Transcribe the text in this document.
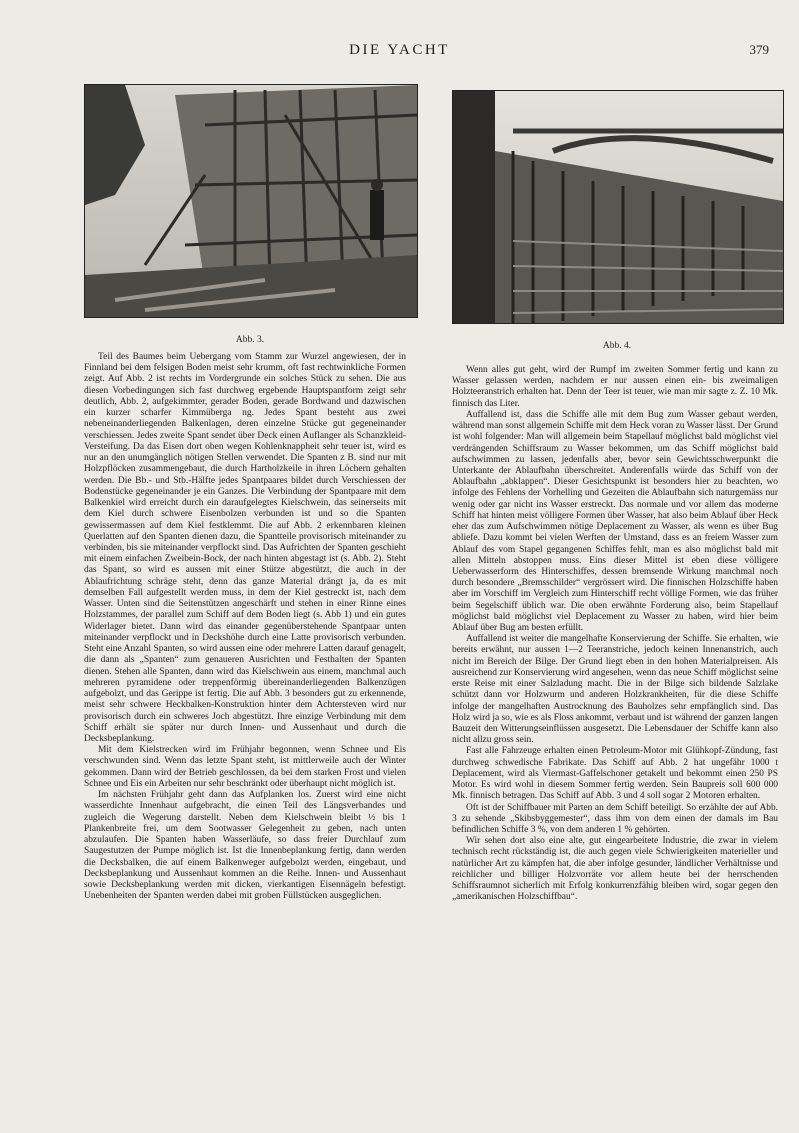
DIE YACHT	379
Abb. 3.
Abb. 4.

Teil des Baumes beim Uebergang vom Stamm zur Wurzel angewiesen, der in Finnland bei dem felsigen Boden meist sehr krumm, oft fast rechtwinkliche Formen zeigt. Auf Abb. 2 ist rechts im Vordergrunde ein solches Stück zu sehen. Die aus diesen Vorbedingungen sich fast durchweg ergebende Hauptspantform zeigt sehr deutlich, Abb. 2, aufgekimmter, gerader Boden, gerade Bordwand und dazwischen ein kurzer scharfer Kimmüberga ng. Jedes Spant besteht aus zwei nebeneinanderliegenden Balkenlagen, deren einzelne Stücke gut gegeneinander verschiessen. Jedes zweite Spant sendet über Deck einen Auflanger als Schanzkleid-Versteifung. Da das Eisen dort oben wegen Kohlenknappheit sehr teuer ist, wird es nur an den unumgänglich nötigen Stellen verwendet. Die Spanten z B. sind nur mit Holzpflöcken zusammengebaut, die durch Hartholzkeile in ihren Löchern gehalten werden. Die Bb.- und Stb.-Hälfte jedes Spantpaares bildet durch Verschiessen der Bodenstücke gegeneinander je ein Ganzes. Die Verbindung der Spantpaare mit dem Balkenkiel wird erreicht durch ein daraufgelegtes Kielschwein, das seinerseits mit dem Kiel durch schwere Eisenbolzen verbunden ist und so die Spanten gewissermassen auf dem Kiel festklemmt. Die auf Abb. 2 erkennbaren kleinen Querlatten auf den Spanten dienen dazu, die Spantteile provisorisch miteinander zu verbinden, bis sie miteinander verpflockt sind. Das Aufrichten der Spanten geschieht mit einem einfachen Zweibein-Bock, der nach hinten abgestagt ist (s. Abb. 2). Steht das Spant, so wird es aussen mit einer Stütze abgestützt, die auch in der Ablaufrichtung schräge steht, denn das ganze Material drängt ja, da es mit demselben Fall aufgestellt werden muss, in dem der Kiel gestreckt ist, nach dem Wasser. Unten sind die Seitenstützen angeschärft und stehen in einer Rinne eines Holzstammes, der parallel zum Schiff auf dem Boden liegt (s. Abb 1) und ein gutes Widerlager bietet. Dann wird das einander gegenüberstehende Spantpaar unten miteinander verpflockt und in Deckshöhe durch eine Latte provisorisch verbunden. Steht eine Anzahl Spanten, so wird aussen eine oder mehrere Latten darauf genagelt, die dann als „Spanten“ zum genaueren Ausrichten und Festhalten der Spanten dienen. Stehen alle Spanten, dann wird das Kielschwein aus einem, manchmal auch mehreren pyramidene oder treppenförmig übereinanderliegenden Balkenzügen aufgebolzt, und das Gerippe ist fertig. Die auf Abb. 3 besonders gut zu erkennende, meist sehr schwere Heckbalken-Konstruktion hinter dem Achtersteven wird nur provisorisch durch ein schweres Joch abgestützt. Ihre einzige Verbindung mit dem Schiff erhält sie später nur durch Innen- und Aussenhaut und durch die Decksbeplankung.

Mit dem Kielstrecken wird im Frühjahr begonnen, wenn Schnee und Eis verschwunden sind. Wenn das letzte Spant steht, ist mittlerweile auch der Winter gekommen. Dann wird der Betrieb geschlossen, da bei dem starken Frost und vielen Schnee und Eis ein Arbeiten nur sehr beschränkt oder überhaupt nicht möglich ist.

Im nächsten Frühjahr geht dann das Aufplanken los. Zuerst wird eine nicht wasserdichte Innenhaut aufgebracht, die einen Teil des Längsverbandes und zugleich die Wegerung darstellt. Neben dem Kielschwein bleibt ½ bis 1 Plankenbreite frei, um dem Sootwasser Gelegenheit zu geben, nach unten abzulaufen. Die Spanten haben Wasserläufe, so dass freier Durchlauf zum Saugestutzen der Pumpe möglich ist. Ist die Innenbeplankung fertig, dann werden die Decksbalken, die auf einem Balkenweger aufgebolzt werden, eingebaut, und Decksbeplankung und Aussenhaut kommen an die Reihe. Innen- und Aussenhaut sowie Decksbeplankung werden mit dicken, vierkantigen Eisennägeln befestigt. Unebenheiten der Spanten werden dabei mit groben Füllstücken ausgeglichen.

Wenn alles gut geht, wird der Rumpf im zweiten Sommer fertig und kann zu Wasser gelassen werden, nachdem er nur aussen einen ein- bis zweimaligen Holzteeranstrich erhalten hat. Denn der Teer ist teuer, wie man mir sagte z. Z. 10 Mk. finnisch das Liter.

Auffallend ist, dass die Schiffe alle mit dem Bug zum Wasser gebaut werden, während man sonst allgemein Schiffe mit dem Heck voran zu Wasser lässt. Der Grund ist wohl folgender: Man will allgemein beim Stapellauf möglichst bald möglichst viel verdrängenden Schiffsraum zu Wasser bekommen, um das Schiff möglichst bald aufschwimmen zu lassen, jedenfalls aber, bevor sein Gewichtsschwerpunkt die Unterkante der Ablaufbahn überschreitet. Anderenfalls würde das Schiff von der Ablaufbahn „abklappen“. Dieser Gesichtspunkt ist besonders hier zu beachten, wo infolge des Fehlens der Vorhelling und Gezeiten die Ablaufbahn sich naturgemäss nur wenig oder gar nicht ins Wasser erstreckt. Das normale und vor allem das moderne Schiff hat hinten meist völligere Formen über Wasser, hat also beim Ablauf über Heck eher das zum Aufschwimmen nötige Deplacement zu Wasser, als wenn es über Bug abliefe. Dazu kommt bei vielen Werften der Umstand, dass es an freiem Wasser zum Ablauf des vom Stapel gegangenen Schiffes fehlt, man es also möglichst bald mit allen Mitteln abstoppen muss. Eins dieser Mittel ist eben diese völligere Ueberwasserform des Hinterschiffes, dessen bremsende Wirkung manchmal noch durch besondere „Bremsschilder“ vergrössert wird. Die finnischen Holzschiffe haben aber im Vorschiff im Vergleich zum Hinterschiff recht völlige Formen, wie das früher beim Segelschiff üblich war. Die oben erwähnte Forderung also, beim Stapellauf möglichst bald möglichst viel Deplacement zu Wasser zu haben, wird hier beim Ablauf über Bug am besten erfüllt.

Auffallend ist weiter die mangelhafte Konservierung der Schiffe. Sie erhalten, wie bereits erwähnt, nur aussen 1—2 Teeranstriche, jedoch keinen Innenanstrich, auch nicht im Bereich der Bilge. Der Grund liegt eben in den hohen Materialpreisen. Als ausreichend zur Konservierung wird angesehen, wenn das neue Schiff möglichst seine erste Reise mit einer Salzladung macht. Die in der Bilge sich bildende Salzlake schützt dann vor Holzwurm und anderen Holzkrankheiten, für die diese Schiffe infolge der mangelhaften Austrocknung des Bauholzes sehr empfänglich sind. Das Holz wird ja so, wie es als Floss ankommt, verbaut und ist während der ganzen langen Bauzeit den Witterungseinflüssen ausgesetzt. Die Lebensdauer der Schiffe kann also nicht allzu gross sein.

Fast alle Fahrzeuge erhalten einen Petroleum-Motor mit Glühkopf-Zündung, fast durchweg schwedische Fabrikate. Das Schiff auf Abb. 2 hat ungefähr 1000 t Deplacement, wird als Viermast-Gaffelschoner getakelt und bekommt einen 250 PS Motor. Es wird wohl in diesem Sommer fertig werden. Sein Baupreis soll 600 000 Mk. finnisch betragen. Das Schiff auf Abb. 3 und 4 soll sogar 2 Motoren erhalten.

Oft ist der Schiffbauer mit Parten an dem Schiff beteiligt. So erzählte der auf Abb. 3 zu sehende „Skibsbyggemester“, dass ihm von dem einen der damals im Bau befindlichen Schiffe 3 %, von dem anderen 1 % gehörten.

Wir sehen dort also eine alte, gut eingearbeitete Industrie, die zwar in vielem technisch recht rückständig ist, die auch gegen viele Schwierigkeiten materieller und natürlicher Art zu kämpfen hat, die aber infolge gesunder, ländlicher Verhältnisse und reichlicher und billiger Holzvorräte vor allem heute bei der herrschenden Schiffsraumnot sicherlich mit Erfolg konkurrenzfähig bleiben wird, sogar gegen den „amerikanischen Holzschiffbau“.
